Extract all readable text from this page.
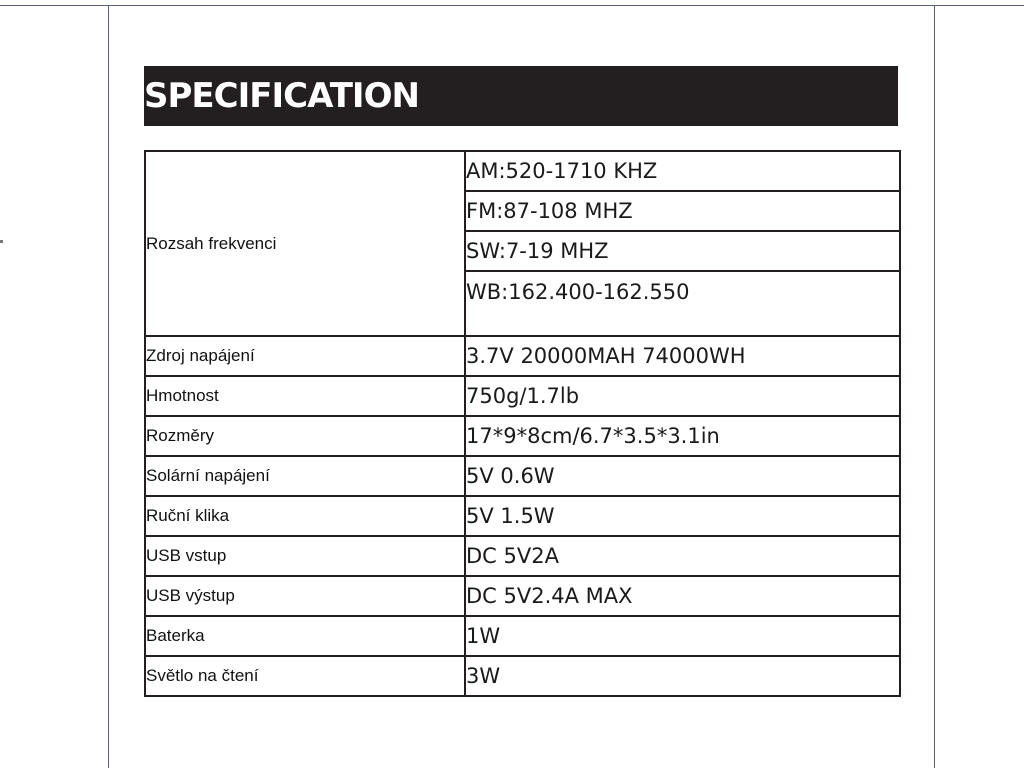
SPECIFICATION
Rozsah frekvenci	AM:520-1710 KHZ
	FM:87-108 MHZ
	SW:7-19 MHZ
	WB:162.400-162.550
Zdroj napájení	3.7V 20000MAH 74000WH
Hmotnost	750g/1.7lb
Rozměry	17*9*8cm/6.7*3.5*3.1in
Solární napájení	5V 0.6W
Ruční klika	5V 1.5W
USB vstup	DC 5V2A
USB výstup	DC 5V2.4A MAX
Baterka	1W
Světlo na čtení	3W
